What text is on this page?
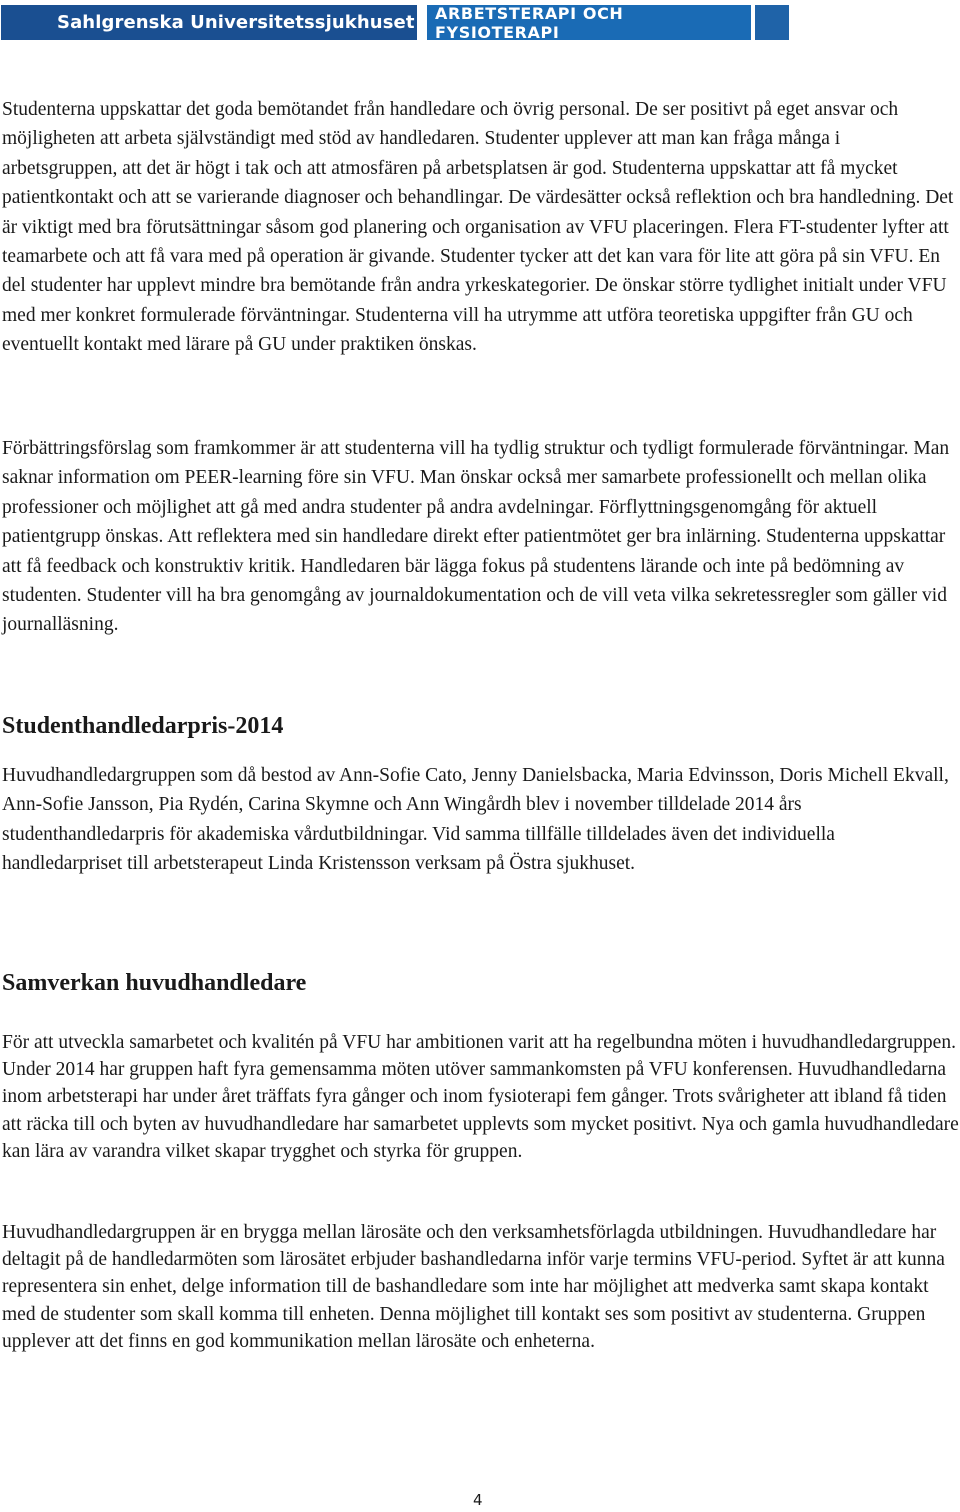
Sahlgrenska Universitetssjukhuset	ARBETSTERAPI OCH FYSIOTERAPI
Studenterna uppskattar det goda bemötandet från handledare och övrig personal. De ser positivt på eget ansvar och möjligheten att arbeta självständigt med stöd av handledaren. Studenter upplever att man kan fråga många i arbetsgruppen, att det är högt i tak och att atmosfären på arbetsplatsen är god. Studenterna uppskattar att få mycket patientkontakt och att se varierande diagnoser och behandlingar. De värdesätter också reflektion och bra handledning. Det är viktigt med bra förutsättningar såsom god planering och organisation av VFU placeringen. Flera FT-studenter lyfter att teamarbete och att få vara med på operation är givande. Studenter tycker att det kan vara för lite att göra på sin VFU. En del studenter har upplevt mindre bra bemötande från andra yrkeskategorier. De önskar större tydlighet initialt under VFU med mer konkret formulerade förväntningar. Studenterna vill ha utrymme att utföra teoretiska uppgifter från GU och eventuellt kontakt med lärare på GU under praktiken önskas.
Förbättringsförslag som framkommer är att studenterna vill ha tydlig struktur och tydligt formulerade förväntningar. Man saknar information om PEER-learning före sin VFU. Man önskar också mer samarbete professionellt och mellan olika professioner och möjlighet att gå med andra studenter på andra avdelningar. Förflyttningsgenomgång för aktuell patientgrupp önskas. Att reflektera med sin handledare direkt efter patientmötet ger bra inlärning. Studenterna uppskattar att få feedback och konstruktiv kritik. Handledaren bär lägga fokus på studentens lärande och inte på bedömning av studenten. Studenter vill ha bra genomgång av journaldokumentation och de vill veta vilka sekretessregler som gäller vid journalläsning.
Studenthandledarpris-2014
Huvudhandledargruppen som då bestod av Ann-Sofie Cato, Jenny Danielsbacka, Maria Edvinsson, Doris Michell Ekvall, Ann-Sofie Jansson, Pia Rydén, Carina Skymne och Ann Wingårdh blev i november tilldelade 2014 års studenthandledarpris för akademiska vårdutbildningar. Vid samma tillfälle tilldelades även det individuella handledarpriset till arbetsterapeut Linda Kristensson verksam på Östra sjukhuset.
Samverkan huvudhandledare
För att utveckla samarbetet och kvalitén på VFU har ambitionen varit att ha regelbundna möten i huvudhandledargruppen. Under 2014 har gruppen haft fyra gemensamma möten utöver sammankomsten på VFU konferensen. Huvudhandledarna inom arbetsterapi har under året träffats fyra gånger och inom fysioterapi fem gånger. Trots svårigheter att ibland få tiden att räcka till och byten av huvudhandledare har samarbetet upplevts som mycket positivt. Nya och gamla huvudhandledare kan lära av varandra vilket skapar trygghet och styrka för gruppen.
Huvudhandledargruppen är en brygga mellan lärosäte och den verksamhetsförlagda utbildningen. Huvudhandledare har deltagit på de handledarmöten som lärosätet erbjuder bashandledarna inför varje termins VFU-period. Syftet är att kunna representera sin enhet, delge information till de bashandledare som inte har möjlighet att medverka samt skapa kontakt med de studenter som skall komma till enheten. Denna möjlighet till kontakt ses som positivt av studenterna. Gruppen upplever att det finns en god kommunikation mellan lärosäte och enheterna.
4
